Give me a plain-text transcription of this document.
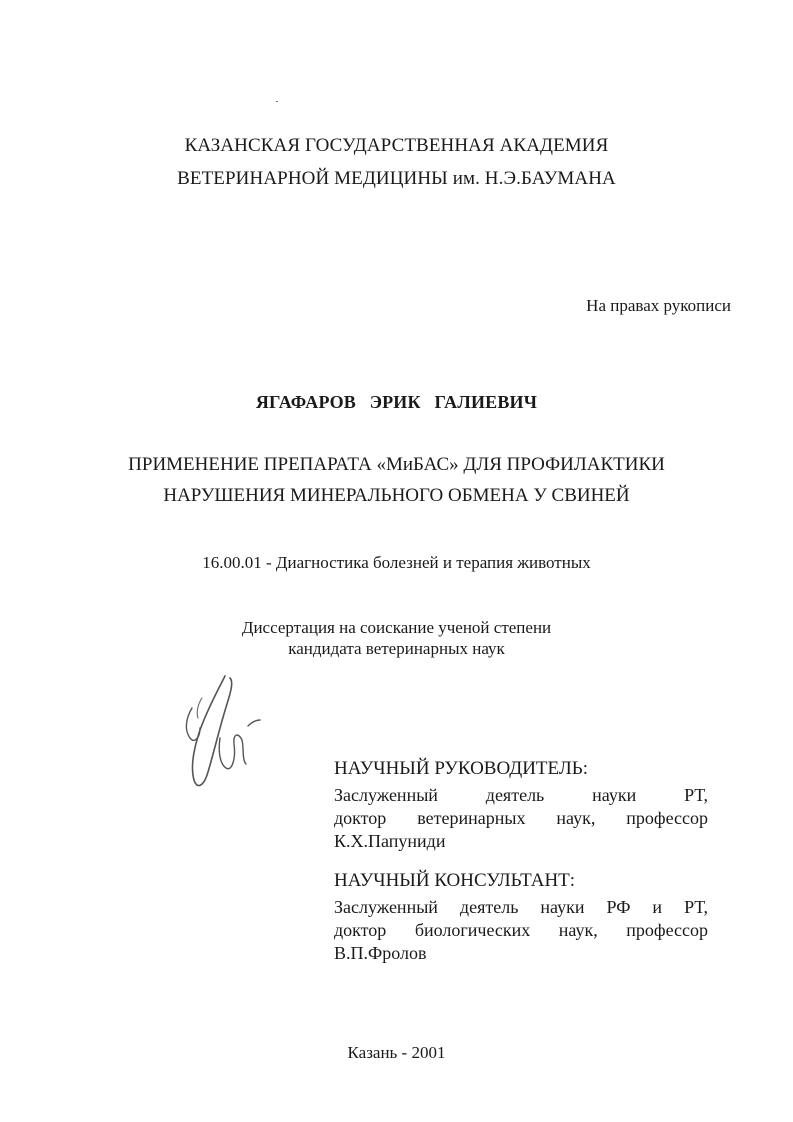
КАЗАНСКАЯ ГОСУДАРСТВЕННАЯ АКАДЕМИЯ
ВЕТЕРИНАРНОЙ МЕДИЦИНЫ им. Н.Э.БАУМАНА
На правах рукописи
ЯГАФАРОВ ЭРИК ГАЛИЕВИЧ
ПРИМЕНЕНИЕ ПРЕПАРАТА «МиБАС» ДЛЯ ПРОФИЛАКТИКИ
НАРУШЕНИЯ МИНЕРАЛЬНОГО ОБМЕНА У СВИНЕЙ
16.00.01 - Диагностика болезней и терапия животных
Диссертация на соискание ученой степени
кандидата ветеринарных наук
НАУЧНЫЙ РУКОВОДИТЕЛЬ:
Заслуженный деятель науки РТ,
доктор ветеринарных наук, профессор
К.Х.Папуниди
НАУЧНЫЙ КОНСУЛЬТАНТ:
Заслуженный деятель науки РФ и РТ,
доктор биологических наук, профессор
В.П.Фролов
Казань - 2001
